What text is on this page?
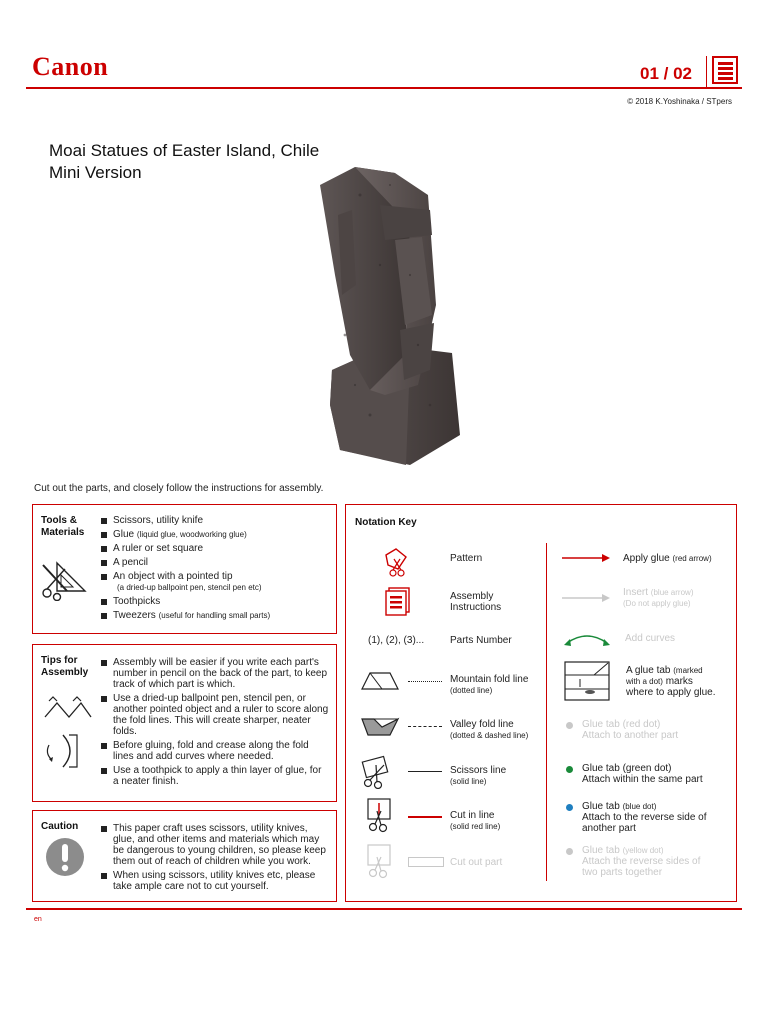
Canon	01 / 02
© 2018 K.Yoshinaka / STpers
Moai Statues of Easter Island, Chile
Mini Version
Cut out the parts, and closely follow the instructions for assembly.
Tools &
Materials
Scissors, utility knife
Glue (liquid glue, woodworking glue)
A ruler or set square
A pencil
An object with a pointed tip
(a dried-up ballpoint pen, stencil pen etc)
Toothpicks
Tweezers (useful for handling small parts)
Tips for
Assembly
Assembly will be easier if you write each part's number in pencil on the back of the part, to keep track of which part is which.
Use a dried-up ballpoint pen, stencil pen, or another pointed object and a ruler to score along the fold lines. This will create sharper, neater folds.
Before gluing, fold and crease along the fold lines and add curves where needed.
Use a toothpick to apply a thin layer of glue, for a neater finish.
Caution	This paper craft uses scissors, utility knives, glue, and other items and materials which may be dangerous to young children, so please keep them out of reach of children while you work.
When using scissors, utility knives etc, please take ample care not to cut yourself.
Notation Key
Pattern
Assembly
Instructions
(1), (2), (3)...	Parts Number
Mountain fold line
(dotted line)
Valley fold line
(dotted & dashed line)
Scissors line
(solid line)
Cut in line
(solid red line)
Cut out part
Apply glue (red arrow)
Insert (blue arrow)
(Do not apply glue)
Add curves
A glue tab (marked
with a dot) marks
where to apply glue.
Glue tab (red dot)
Attach to another part
Glue tab (green dot)
Attach within the same part
Glue tab (blue dot)
Attach to the reverse side of
another part
Glue tab (yellow dot)
Attach the reverse sides of
two parts together
en
